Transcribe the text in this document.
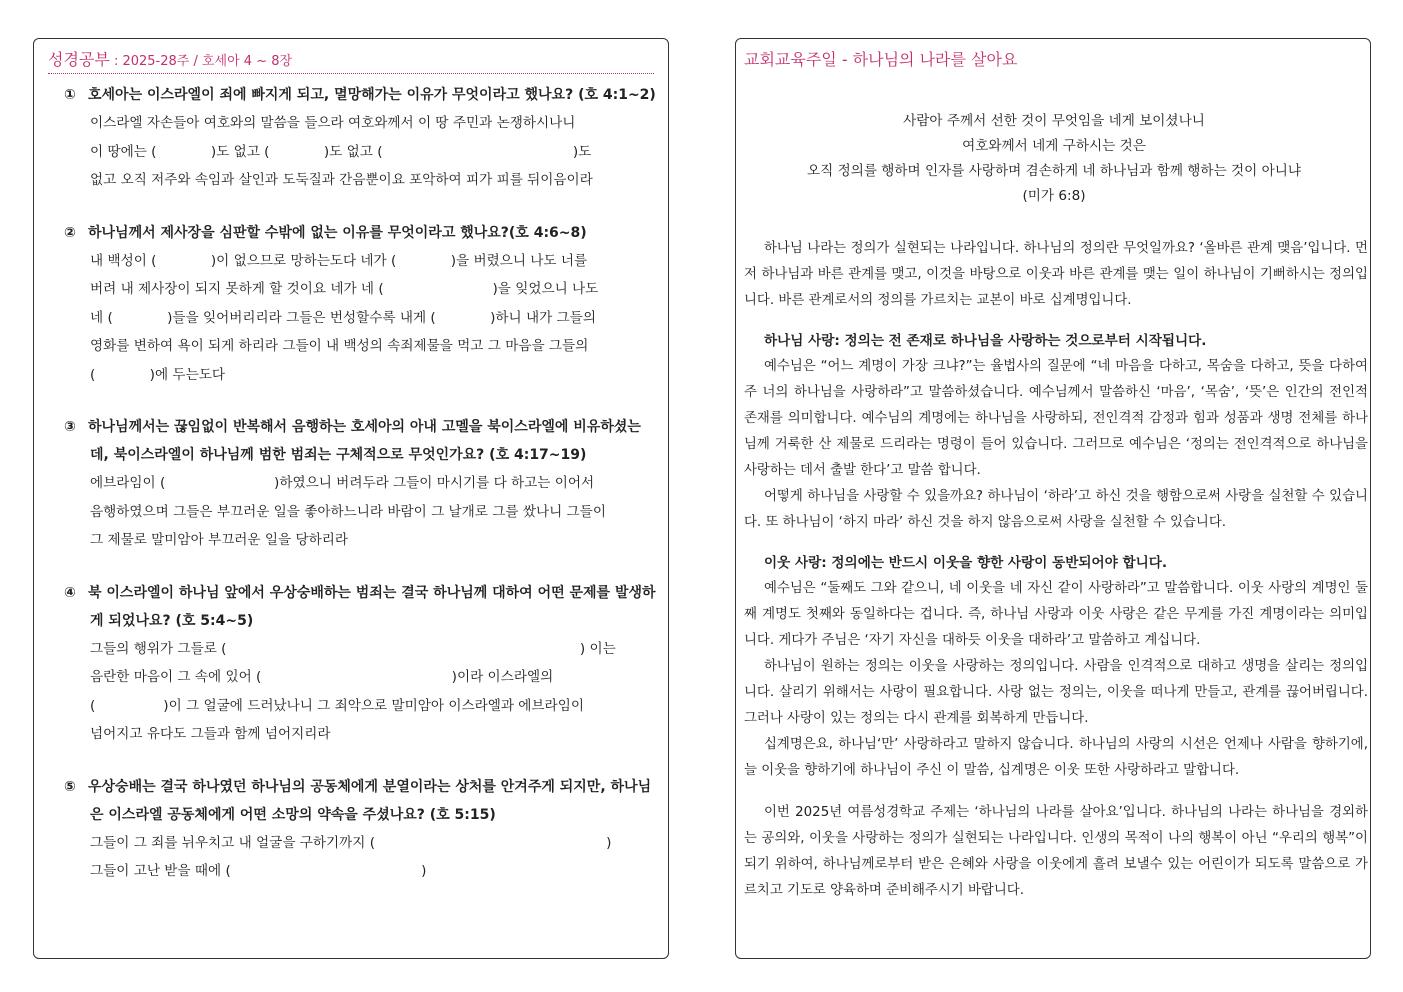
성경공부 : 2025-28주 / 호세아 4 ~ 8장
① 호세아는 이스라엘이 죄에 빠지게 되고, 멸망해가는 이유가 무엇이라고 했나요? (호 4:1~2)
이스라엘 자손들아 여호와의 말씀을 들으라 여호와께서 이 땅 주민과 논쟁하시나니
이 땅에는 (　　　　)도 없고 (　　　　)도 없고 (　　　　　　　　　　　　　　)도
없고 오직 저주와 속임과 살인과 도둑질과 간음뿐이요 포악하여 피가 피를 뒤이음이라
② 하나님께서 제사장을 심판할 수밖에 없는 이유를 무엇이라고 했나요?(호 4:6~8)
내 백성이 (　　　　)이 없으므로 망하는도다 네가 (　　　　)을 버렸으니 나도 너를
버려 내 제사장이 되지 못하게 할 것이요 네가 네 (　　　　　　　　)을 잊었으니 나도
네 (　　　　)들을 잊어버리리라 그들은 번성할수록 내게 (　　　　)하니 내가 그들의
영화를 변하여 욕이 되게 하리라 그들이 내 백성의 속죄제물을 먹고 그 마음을 그들의
(　　　　)에 두는도다
③ 하나님께서는 끊임없이 반복해서 음행하는 호세아의 아내 고멜을 북이스라엘에 비유하셨는데, 북이스라엘이 하나님께 범한 범죄는 구체적으로 무엇인가요? (호 4:17~19)
에브라임이 (　　　　　　　　)하였으니 버려두라 그들이 마시기를 다 하고는 이어서
음행하였으며 그들은 부끄러운 일을 좋아하느니라 바람이 그 날개로 그를 쌌나니 그들이
그 제물로 말미암아 부끄러운 일을 당하리라
④ 북 이스라엘이 하나님 앞에서 우상숭배하는 범죄는 결국 하나님께 대하여 어떤 문제를 발생하게 되었나요? (호 5:4~5)
그들의 행위가 그들로 (　　　　　　　　　　　　　　　　　　　　　　　　　　) 이는
음란한 마음이 그 속에 있어 (　　　　　　　　　　　　　　)이라 이스라엘의
(　　　　　)이 그 얼굴에 드러났나니 그 죄악으로 말미암아 이스라엘과 에브라임이
넘어지고 유다도 그들과 함께 넘어지리라
⑤ 우상숭배는 결국 하나였던 하나님의 공동체에게 분열이라는 상처를 안겨주게 되지만, 하나님은 이스라엘 공동체에게 어떤 소망의 약속을 주셨나요? (호 5:15)
그들이 그 죄를 뉘우치고 내 얼굴을 구하기까지 (　　　　　　　　　　　　　　　　　)
그들이 고난 받을 때에 (　　　　　　　　　　　　　　)
교회교육주일 - 하나님의 나라를 살아요
사람아 주께서 선한 것이 무엇임을 네게 보이셨나니
여호와께서 네게 구하시는 것은
오직 정의를 행하며 인자를 사랑하며 겸손하게 네 하나님과 함께 행하는 것이 아니냐
(미가 6:8)

하나님 나라는 정의가 실현되는 나라입니다. 하나님의 정의란 무엇일까요? ‘올바른 관계 맺음’입니다. 먼저 하나님과 바른 관계를 맺고, 이것을 바탕으로 이웃과 바른 관계를 맺는 일이 하나님이 기뻐하시는 정의입니다. 바른 관계로서의 정의를 가르치는 교본이 바로 십계명입니다.

하나님 사랑: 정의는 전 존재로 하나님을 사랑하는 것으로부터 시작됩니다.

예수님은 “어느 계명이 가장 크냐?”는 율법사의 질문에 “네 마음을 다하고, 목숨을 다하고, 뜻을 다하여 주 너의 하나님을 사랑하라”고 말씀하셨습니다. 예수님께서 말씀하신 ‘마음’, ‘목숨’, ‘뜻’은 인간의 전인적 존재를 의미합니다. 예수님의 계명에는 하나님을 사랑하되, 전인격적 감정과 힘과 성품과 생명 전체를 하나님께 거룩한 산 제물로 드리라는 명령이 들어 있습니다. 그러므로 예수님은 ‘정의는 전인격적으로 하나님을 사랑하는 데서 출발 한다’고 말씀 합니다.

어떻게 하나님을 사랑할 수 있을까요? 하나님이 ‘하라’고 하신 것을 행함으로써 사랑을 실천할 수 있습니다. 또 하나님이 ‘하지 마라’ 하신 것을 하지 않음으로써 사랑을 실천할 수 있습니다.

이웃 사랑: 정의에는 반드시 이웃을 향한 사랑이 동반되어야 합니다.

예수님은 “둘째도 그와 같으니, 네 이웃을 네 자신 같이 사랑하라”고 말씀합니다. 이웃 사랑의 계명인 둘째 계명도 첫째와 동일하다는 겁니다. 즉, 하나님 사랑과 이웃 사랑은 같은 무게를 가진 계명이라는 의미입니다. 게다가 주님은 ‘자기 자신을 대하듯 이웃을 대하라’고 말씀하고 계십니다.

하나님이 원하는 정의는 이웃을 사랑하는 정의입니다. 사람을 인격적으로 대하고 생명을 살리는 정의입니다. 살리기 위해서는 사랑이 필요합니다. 사랑 없는 정의는, 이웃을 떠나게 만들고, 관계를 끊어버립니다. 그러나 사랑이 있는 정의는 다시 관계를 회복하게 만듭니다.

십계명은요, 하나님‘만’ 사랑하라고 말하지 않습니다. 하나님의 사랑의 시선은 언제나 사람을 향하기에, 늘 이웃을 향하기에 하나님이 주신 이 말씀, 십계명은 이웃 또한 사랑하라고 말합니다.

이번 2025년 여름성경학교 주제는 ‘하나님의 나라를 살아요’입니다. 하나님의 나라는 하나님을 경외하는 공의와, 이웃을 사랑하는 정의가 실현되는 나라입니다. 인생의 목적이 나의 행복이 아닌 “우리의 행복”이 되기 위하여, 하나님께로부터 받은 은혜와 사랑을 이웃에게 흘려 보낼수 있는 어린이가 되도록 말씀으로 가르치고 기도로 양육하며 준비해주시기 바랍니다.
